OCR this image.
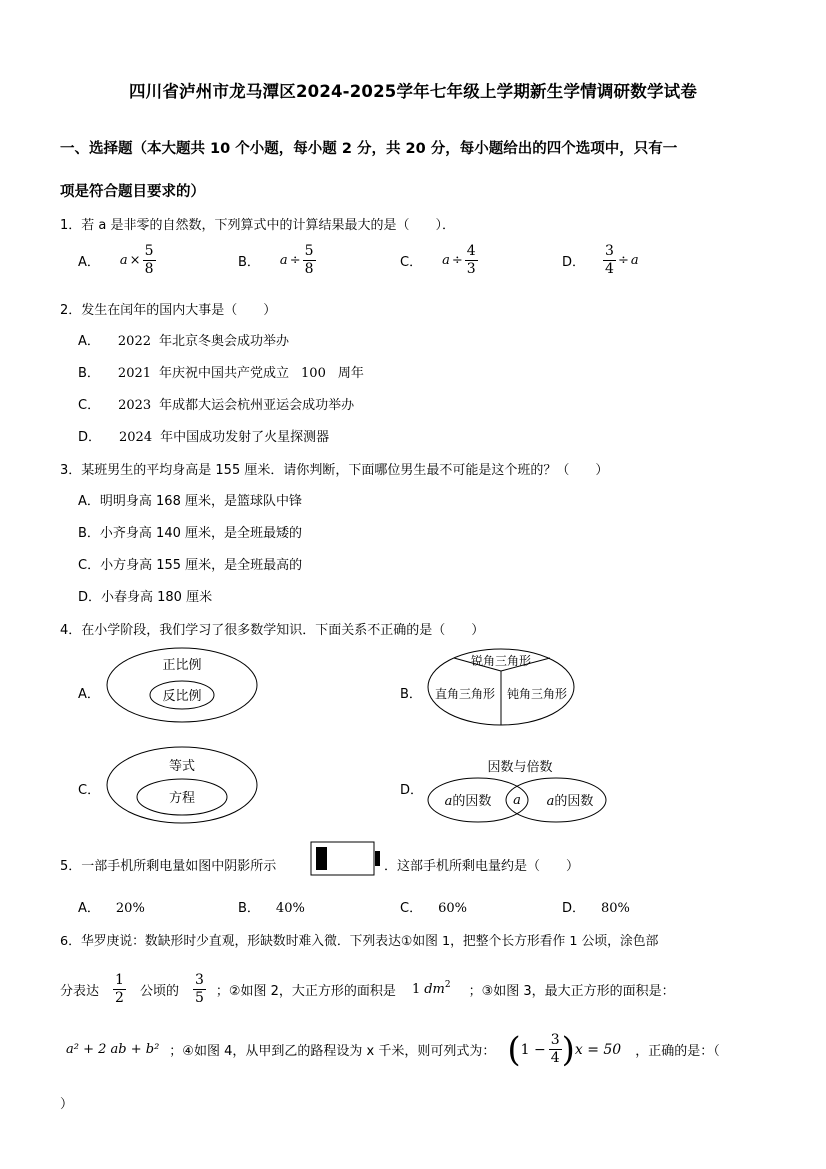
四川省泸州市龙马潭区2024-2025学年七年级上学期新生学情调研数学试卷
一、选择题（本大题共 10 个小题，每小题 2 分，共 20 分，每小题给出的四个选项中，只有一
项是符合题目要求的）
1．若 a 是非零的自然数，下列算式中的计算结果最大的是（　　）．
A． $a \times \frac{5}{8}$	B． $a \div \frac{5}{8}$	C． $a \div \frac{4}{3}$	D． $\frac{3}{4} \div a$
2．发生在闰年的国内大事是（　　）
A． 2022 年北京冬奥会成功举办
B． 2021 年庆祝中国共产党成立 100 周年
C． 2023 年成都大运会杭州亚运会成功举办
D． 2024 年中国成功发射了火星探测器
3．某班男生的平均身高是 155 厘米．请你判断，下面哪位男生最不可能是这个班的？（　　）
A．明明身高 168 厘米，是篮球队中锋
B．小齐身高 140 厘米，是全班最矮的
C．小方身高 155 厘米，是全班最高的
D．小春身高 180 厘米
4．在小学阶段，我们学习了很多数学知识．下面关系不正确的是（　　）
A．
正比例
反比例	B．
锐角三角形
直角三角形 钝角三角形
C．
等式
方程
D．
因数与倍数
a的因数 a a的因数
5．一部手机所剩电量如图中阴影所示	．这部手机所剩电量约是（　　）
A． 20%	B． 40%	C． 60%	D． 80%
6．华罗庚说：数缺形时少直观，形缺数时难入微．下列表达①如图 1，把整个长方形看作 1 公顷，涂色部
分表达 $\frac{1}{2}$ 公顷的 $\frac{3}{5}$ ；②如图 2，大正方形的面积是 1 $dm^2$ ；③如图 3，最大正方形的面积是：
a² + 2 ab + b² ；④如图 4，从甲到乙的路程设为 x 千米，则可列式为： ( $1 - \frac{3}{4}$ ) x = 50 ，正确的是：（
）
